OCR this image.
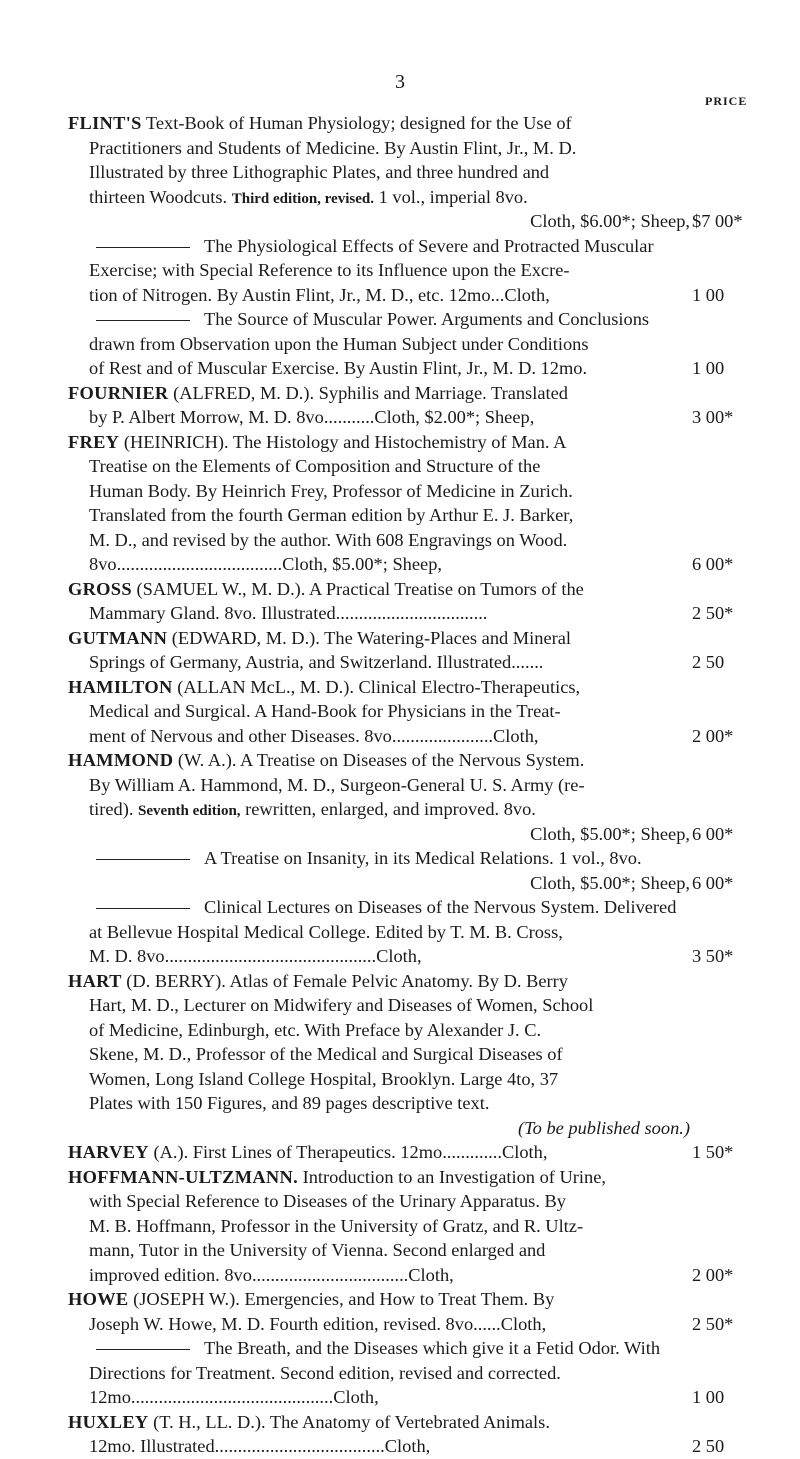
3
PRICE
FLINT'S Text-Book of Human Physiology; designed for the Use of
Practitioners and Students of Medicine. By Austin Flint, Jr., M. D.
Illustrated by three Lithographic Plates, and three hundred and
thirteen Woodcuts. Third edition, revised. 1 vol., imperial 8vo.
Cloth, $6.00*; Sheep, $7 00*
The Physiological Effects of Severe and Protracted Muscular
Exercise; with Special Reference to its Influence upon the Excre-
tion of Nitrogen. By Austin Flint, Jr., M. D., etc. 12mo...Cloth,	1 00
The Source of Muscular Power. Arguments and Conclusions
drawn from Observation upon the Human Subject under Conditions
of Rest and of Muscular Exercise. By Austin Flint, Jr., M. D. 12mo.	1 00
FOURNIER (ALFRED, M. D.). Syphilis and Marriage. Translated
by P. Albert Morrow, M. D. 8vo...........Cloth, $2.00*; Sheep,	3 00*
FREY (HEINRICH). The Histology and Histochemistry of Man. A
Treatise on the Elements of Composition and Structure of the
Human Body. By Heinrich Frey, Professor of Medicine in Zurich.
Translated from the fourth German edition by Arthur E. J. Barker,
M. D., and revised by the author. With 608 Engravings on Wood.
8vo....................................Cloth, $5.00*; Sheep,	6 00*
GROSS (SAMUEL W., M. D.). A Practical Treatise on Tumors of the
Mammary Gland. 8vo. Illustrated.................................	2 50*
GUTMANN (EDWARD, M. D.). The Watering-Places and Mineral
Springs of Germany, Austria, and Switzerland. Illustrated.......	2 50
HAMILTON (ALLAN McL., M. D.). Clinical Electro-Therapeutics,
Medical and Surgical. A Hand-Book for Physicians in the Treat-
ment of Nervous and other Diseases. 8vo......................Cloth,	2 00*
HAMMOND (W. A.). A Treatise on Diseases of the Nervous System.
By William A. Hammond, M. D., Surgeon-General U. S. Army (re-
tired). Seventh edition, rewritten, enlarged, and improved. 8vo.
Cloth, $5.00*; Sheep, 6 00*
A Treatise on Insanity, in its Medical Relations. 1 vol., 8vo.
Cloth, $5.00*; Sheep, 6 00*
Clinical Lectures on Diseases of the Nervous System. Delivered
at Bellevue Hospital Medical College. Edited by T. M. B. Cross,
M. D. 8vo..............................................Cloth,	3 50*
HART (D. BERRY). Atlas of Female Pelvic Anatomy. By D. Berry
Hart, M. D., Lecturer on Midwifery and Diseases of Women, School
of Medicine, Edinburgh, etc. With Preface by Alexander J. C.
Skene, M. D., Professor of the Medical and Surgical Diseases of
Women, Long Island College Hospital, Brooklyn. Large 4to, 37
Plates with 150 Figures, and 89 pages descriptive text.
(To be published soon.)
HARVEY (A.). First Lines of Therapeutics. 12mo.............Cloth,	1 50*
HOFFMANN-ULTZMANN. Introduction to an Investigation of Urine,
with Special Reference to Diseases of the Urinary Apparatus. By
M. B. Hoffmann, Professor in the University of Gratz, and R. Ultz-
mann, Tutor in the University of Vienna. Second enlarged and
improved edition. 8vo..................................Cloth,	2 00*
HOWE (JOSEPH W.). Emergencies, and How to Treat Them. By
Joseph W. Howe, M. D. Fourth edition, revised. 8vo......Cloth,	2 50*
The Breath, and the Diseases which give it a Fetid Odor. With
Directions for Treatment. Second edition, revised and corrected.
12mo............................................Cloth,	1 00
HUXLEY (T. H., LL. D.). The Anatomy of Vertebrated Animals.
12mo. Illustrated.....................................Cloth,	2 50
